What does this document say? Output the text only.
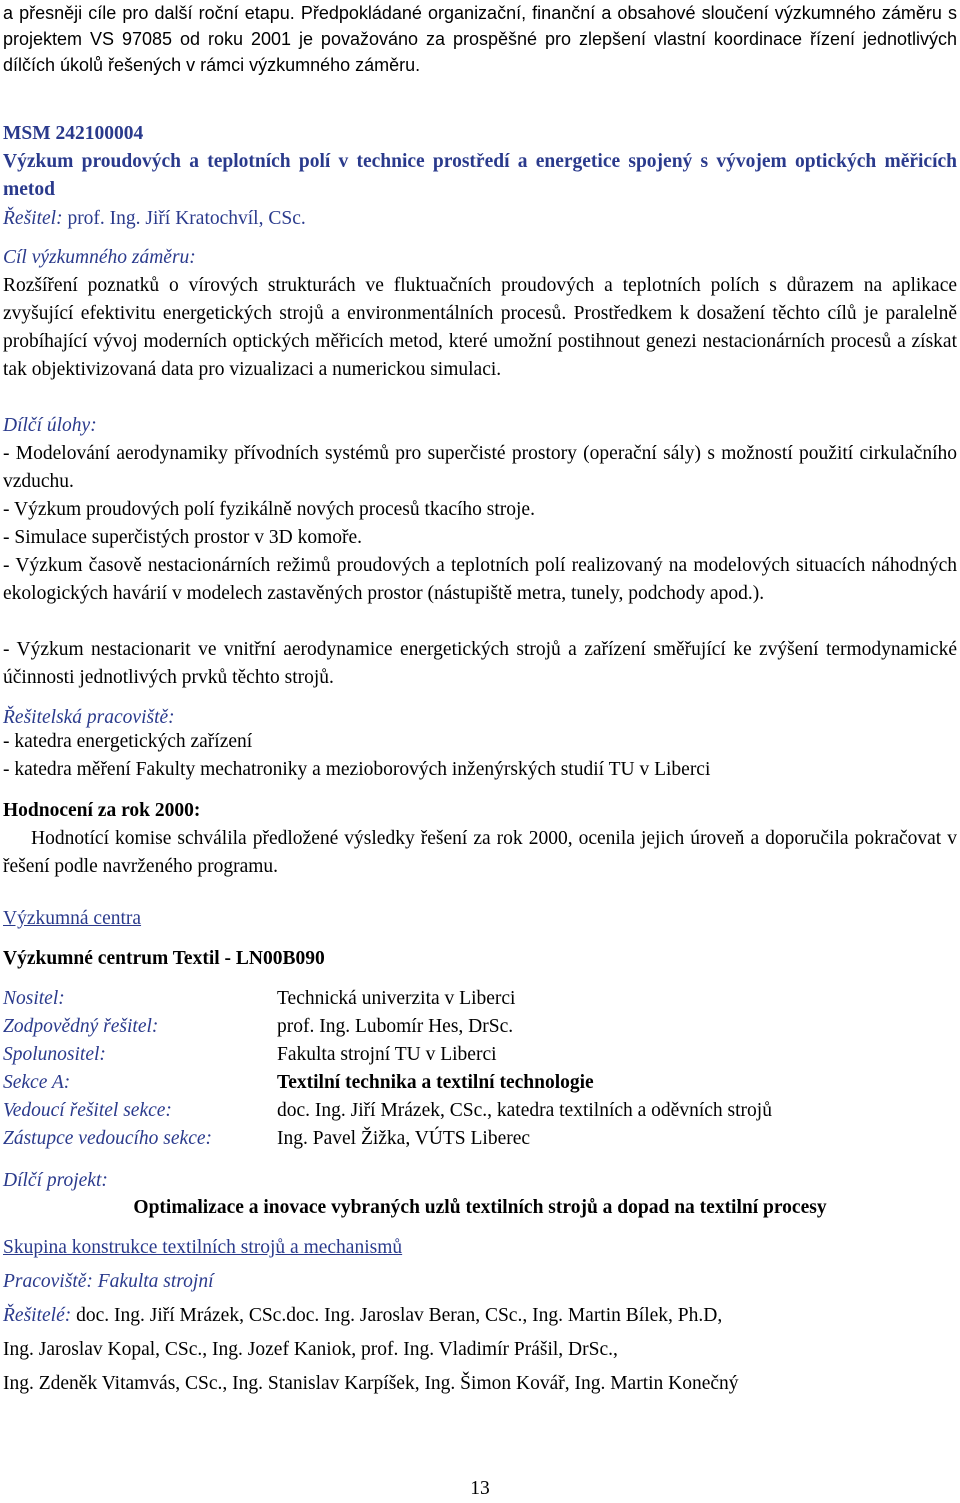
a přesněji cíle pro další roční etapu. Předpokládané organizační, finanční a obsahové sloučení výzkumného záměru s projektem VS 97085 od roku 2001 je považováno za prospěšné pro zlepšení vlastní koordinace řízení jednotlivých dílčích úkolů řešených v rámci výzkumného záměru.

MSM 242100004

Výzkum proudových a teplotních polí v technice prostředí a energetice spojený s vývojem optických měřicích metod

Řešitel: prof. Ing. Jiří Kratochvíl, CSc.

Cíl výzkumného záměru:

Rozšíření poznatků o vírových strukturách ve fluktuačních proudových a teplotních polích s důrazem na aplikace zvyšující efektivitu energetických strojů a environmentálních procesů. Prostředkem k dosažení těchto cílů je paralelně probíhající vývoj moderních optických měřicích metod, které umožní postihnout genezi nestacionárních procesů a získat tak objektivizovaná data pro vizualizaci a numerickou simulaci.

Dílčí úlohy:

- Modelování aerodynamiky přívodních systémů pro superčisté prostory (operační sály) s možností použití cirkulačního vzduchu.

- Výzkum proudových polí fyzikálně nových procesů tkacího stroje.

- Simulace superčistých prostor v 3D komoře.

- Výzkum časově nestacionárních režimů proudových a teplotních polí realizovaný na modelových situacích náhodných ekologických havárií v modelech zastavěných prostor (nástupiště metra, tunely, podchody apod.).

- Výzkum nestacionarit ve vnitřní aerodynamice energetických strojů a zařízení směřující ke zvýšení termodynamické účinnosti jednotlivých prvků těchto strojů.

Řešitelská pracoviště:

- katedra energetických zařízení

- katedra měření Fakulty mechatroniky a mezioborových inženýrských studií TU v Liberci

Hodnocení za rok 2000:

Hodnotící komise schválila předložené výsledky řešení za rok 2000, ocenila jejich úroveň a doporučila pokračovat v řešení podle navrženého programu.

Výzkumná centra

Výzkumné centrum Textil - LN00B090

Nositel:	Technická univerzita v Liberci
Zodpovědný řešitel:	prof. Ing. Lubomír Hes, DrSc.
Spolunositel:	Fakulta strojní TU v Liberci
Sekce A:	Textilní technika a textilní technologie
Vedoucí řešitel sekce:	doc. Ing. Jiří Mrázek, CSc., katedra textilních a oděvních strojů
Zástupce vedoucího sekce:	Ing. Pavel Žižka, VÚTS Liberec

Dílčí projekt:

Optimalizace a inovace vybraných uzlů textilních strojů a dopad na textilní procesy

Skupina konstrukce textilních strojů a mechanismů

Pracoviště: Fakulta strojní

Řešitelé: doc. Ing. Jiří Mrázek, CSc.doc. Ing. Jaroslav Beran, CSc., Ing. Martin Bílek, Ph.D,

Ing. Jaroslav Kopal, CSc., Ing. Jozef Kaniok, prof. Ing. Vladimír Prášil, DrSc.,

Ing. Zdeněk Vitamvás, CSc., Ing. Stanislav Karpíšek, Ing. Šimon Kovář, Ing. Martin Konečný

13
